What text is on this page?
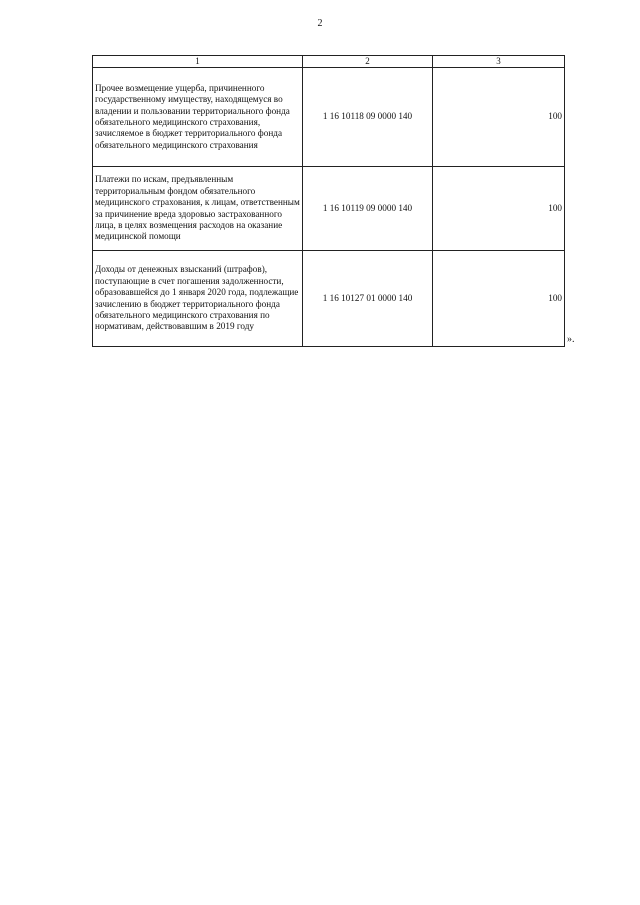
2
1	2	3
Прочее возмещение ущерба, причиненного государственному имуществу, находящемуся во владении и пользовании территориального фонда обязательного медицинского страхования, зачисляемое в бюджет территориального фонда обязательного медицинского страхования	1 16 10118 09 0000 140	100
Платежи по искам, предъявленным территориальным фондом обязательного медицинского страхования, к лицам, ответственным за причинение вреда здоровью застрахованного лица, в целях возмещения расходов на оказание медицинской помощи	1 16 10119 09 0000 140	100
Доходы от денежных взысканий (штрафов), поступающие в счет погашения задолженности, образовавшейся до 1 января 2020 года, подлежащие зачислению в бюджет территориального фонда обязательного медицинского страхования по нормативам, действовавшим в 2019 году	1 16 10127 01 0000 140	100
».
